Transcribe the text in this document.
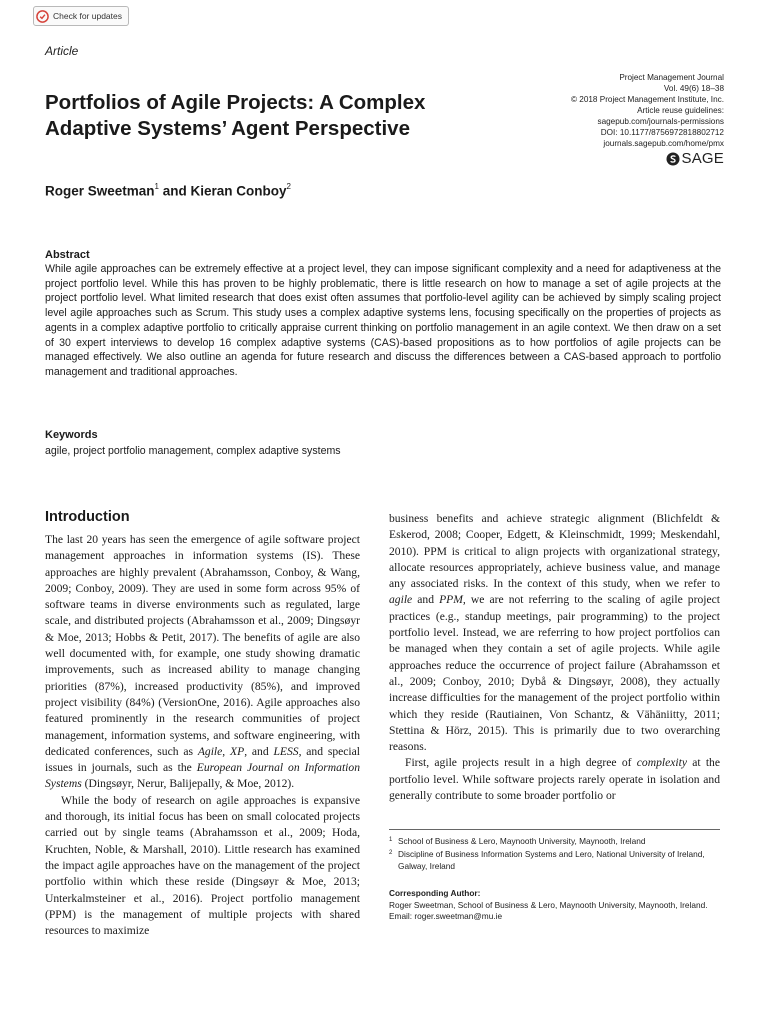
Check for updates
Article
Portfolios of Agile Projects: A Complex Adaptive Systems’ Agent Perspective
Project Management Journal
Vol. 49(6) 18–38
© 2018 Project Management Institute, Inc.
Article reuse guidelines:
sagepub.com/journals-permissions
DOI: 10.1177/8756972818802712
journals.sagepub.com/home/pmx
SAGE
Roger Sweetman$^1$ and Kieran Conboy$^2$
Abstract

While agile approaches can be extremely effective at a project level, they can impose significant complexity and a need for adaptiveness at the project portfolio level. While this has proven to be highly problematic, there is little research on how to manage a set of agile projects at the project portfolio level. What limited research that does exist often assumes that portfolio-level agility can be achieved by simply scaling project level agile approaches such as Scrum. This study uses a complex adaptive systems lens, focusing specifically on the properties of projects as agents in a complex adaptive portfolio to critically appraise current thinking on portfolio management in an agile context. We then draw on a set of 30 expert interviews to develop 16 complex adaptive systems (CAS)-based propositions as to how portfolios of agile projects can be managed effectively. We also outline an agenda for future research and discuss the differences between a CAS-based approach to portfolio management and traditional approaches.

Keywords
agile, project portfolio management, complex adaptive systems
Introduction

The last 20 years has seen the emergence of agile software project management approaches in information systems (IS). These approaches are highly prevalent (Abrahamsson, Conboy, & Wang, 2009; Conboy, 2009). They are used in some form across 95% of software teams in diverse environments such as regulated, large scale, and distributed projects (Abrahamsson et al., 2009; Dingsøyr & Moe, 2013; Hobbs & Petit, 2017). The benefits of agile are also well documented with, for example, one study showing dramatic improvements, such as increased ability to manage changing priorities (87%), increased productivity (85%), and improved project visibility (84%) (VersionOne, 2016). Agile approaches also featured prominently in the research communities of project management, information systems, and software engineering, with dedicated conferences, such as Agile, XP, and LESS, and special issues in journals, such as the European Journal on Information Systems (Dingsøyr, Nerur, Balijepally, & Moe, 2012).

While the body of research on agile approaches is expansive and thorough, its initial focus has been on small colocated projects carried out by single teams (Abrahamsson et al., 2009; Hoda, Kruchten, Noble, & Marshall, 2010). Little research has examined the impact agile approaches have on the management of the project portfolio within which these reside (Dingsøyr & Moe, 2013; Unterkalmsteiner et al., 2016). Project portfolio management (PPM) is the management of multiple projects with shared resources to maximize

business benefits and achieve strategic alignment (Blichfeldt & Eskerod, 2008; Cooper, Edgett, & Kleinschmidt, 1999; Meskendahl, 2010). PPM is critical to align projects with organizational strategy, allocate resources appropriately, achieve business value, and manage any associated risks. In the context of this study, when we refer to agile and PPM, we are not referring to the scaling of agile project practices (e.g., standup meetings, pair programming) to the project portfolio level. Instead, we are referring to how project portfolios can be managed when they contain a set of agile projects. While agile approaches reduce the occurrence of project failure (Abrahamsson et al., 2009; Conboy, 2010; Dybå & Dingsøyr, 2008), they actually increase difficulties for the management of the project portfolio within which they reside (Rautiainen, Von Schantz, & Vähäniitty, 2011; Stettina & Hörz, 2015). This is primarily due to two overarching reasons.

First, agile projects result in a high degree of complexity at the portfolio level. While software projects rarely operate in isolation and generally contribute to some broader portfolio or

1 School of Business & Lero, Maynooth University, Maynooth, Ireland
2 Discipline of Business Information Systems and Lero, National University of Ireland, Galway, Ireland
Corresponding Author:
Roger Sweetman, School of Business & Lero, Maynooth University, Maynooth, Ireland.
Email: roger.sweetman@mu.ie
